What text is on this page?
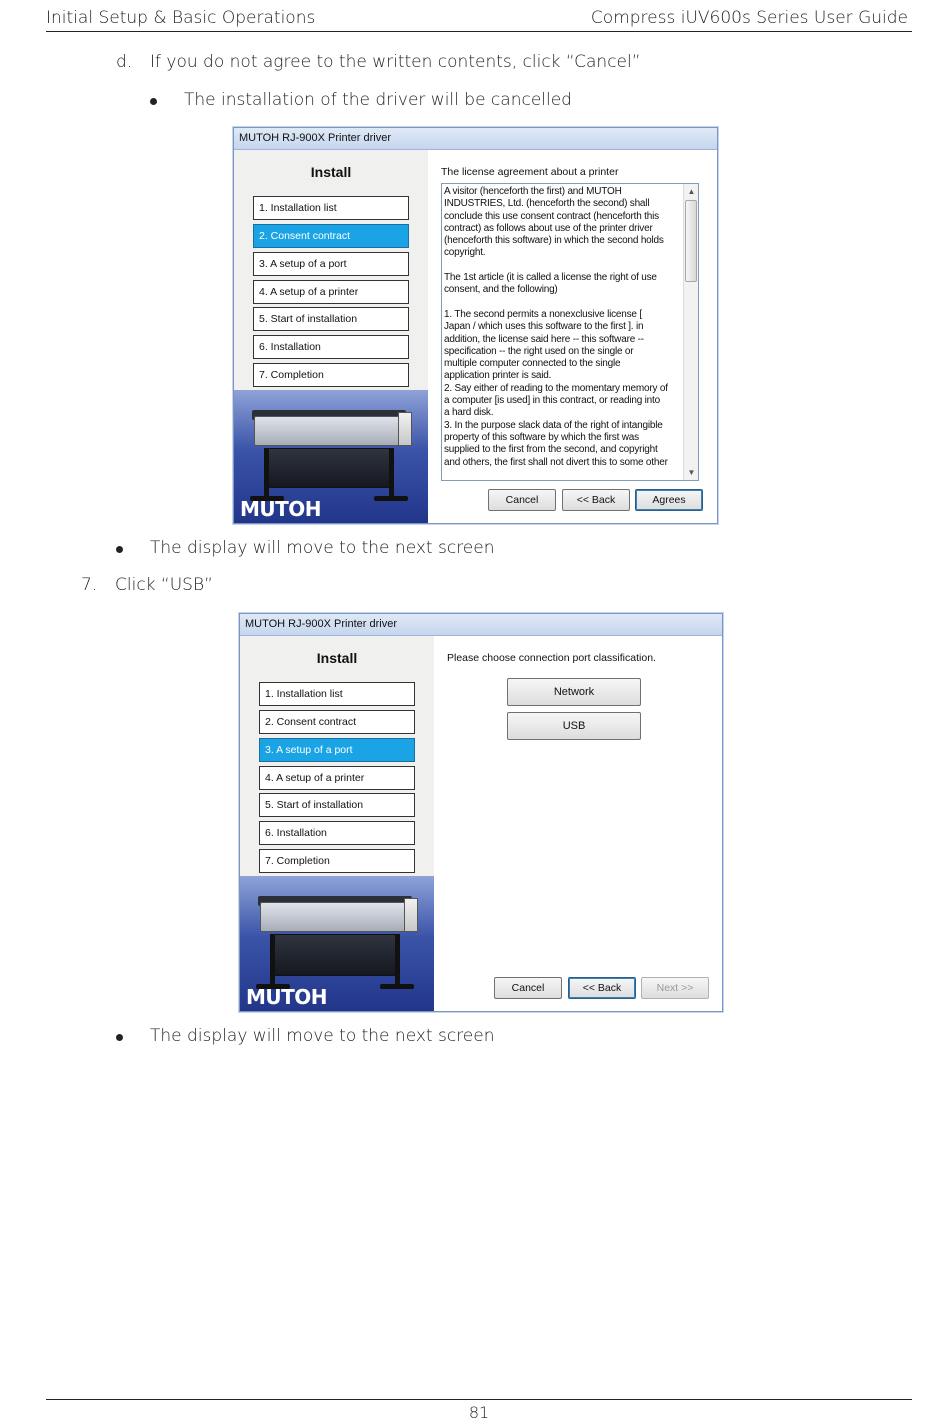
Initial Setup & Basic Operations	Compress iUV600s Series User Guide
d. If you do not agree to the written contents, click “Cancel”
The installation of the driver will be cancelled
MUTOH RJ-900X Printer driver
Install
1. Installation list
2. Consent contract
3. A setup of a port
4. A setup of a printer
5. Start of installation
6. Installation
7. Completion
MUTOH
The license agreement about a printer
A visitor (henceforth the first) and MUTOH
INDUSTRIES, Ltd. (henceforth the second) shall
conclude this use consent contract (henceforth this
contract) as follows about use of the printer driver
(henceforth this software) in which the second holds
copyright.

The 1st article (it is called a license the right of use
consent, and the following)

1. The second permits a nonexclusive license [
Japan / which uses this software to the first ]. in
addition, the license said here -- this software --
specification -- the right used on the single or
multiple computer connected to the single
application printer is said.
2. Say either of reading to the momentary memory of
a computer [is used] in this contract, or reading into
a hard disk.
3. In the purpose slack data of the right of intangible
property of this software by which the first was
supplied to the first from the second, and copyright
and others, the first shall not divert this to some other
▲
▼
Cancel	<< Back	Agrees
The display will move to the next screen
7. Click “USB”
MUTOH RJ-900X Printer driver
Install
1. Installation list
2. Consent contract
3. A setup of a port
4. A setup of a printer
5. Start of installation
6. Installation
7. Completion
MUTOH
Please choose connection port classification.
Network
USB
Cancel	<< Back	Next >>
The display will move to the next screen
81
